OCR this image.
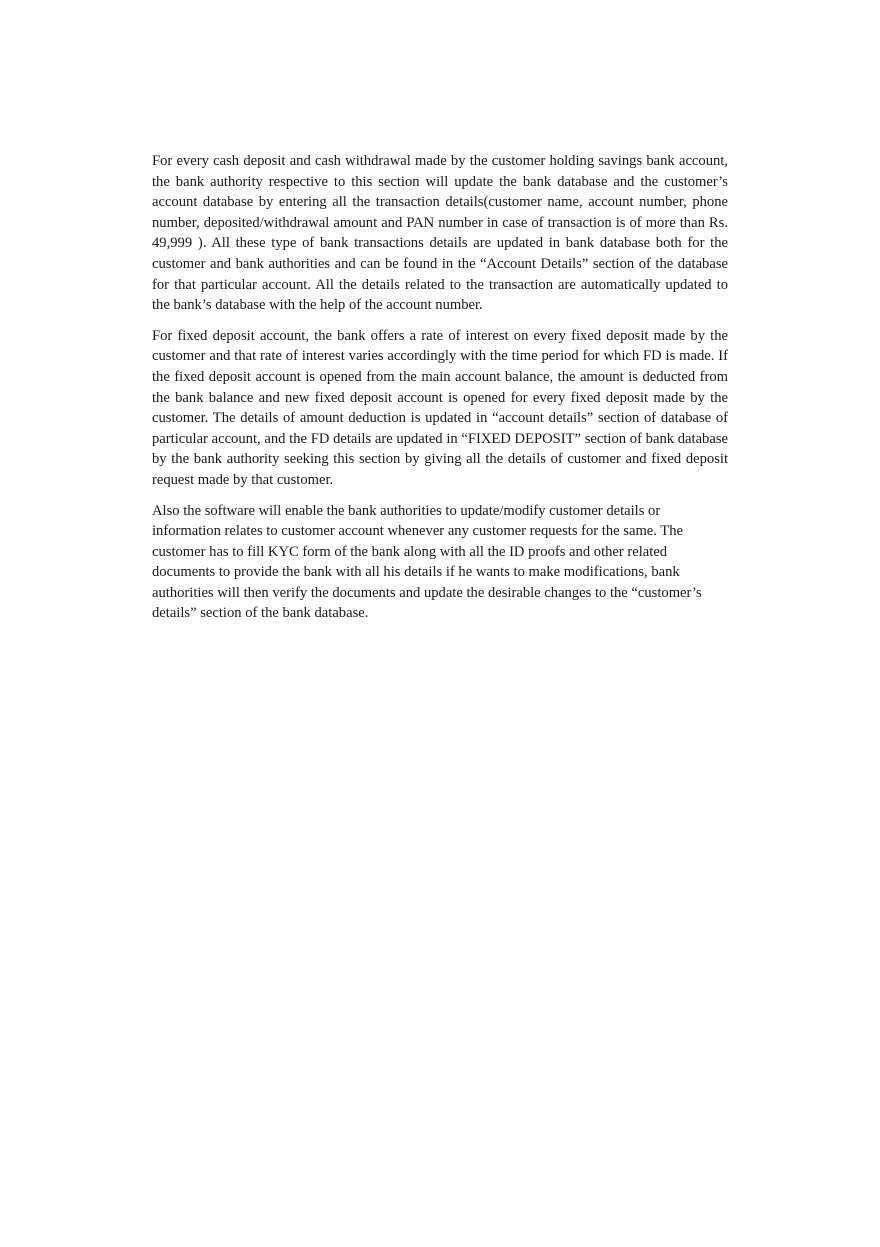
For every cash deposit and cash withdrawal made by the customer holding savings bank account, the bank authority respective to this section will update the bank database and the customer’s account database by entering all the transaction details(customer name, account number, phone number, deposited/withdrawal amount and PAN number in case of transaction is of more than Rs. 49,999 ). All these type of bank transactions details are updated in bank database both for the customer and bank authorities and can be found in the “Account Details” section of the database for that particular account. All the details related to the transaction are automatically updated to the bank’s database with the help of the account number.

For fixed deposit account, the bank offers a rate of interest on every fixed deposit made by the customer and that rate of interest varies accordingly with the time period for which FD is made. If the fixed deposit account is opened from the main account balance, the amount is deducted from the bank balance and new fixed deposit account is opened for every fixed deposit made by the customer. The details of amount deduction is updated in “account details” section of database of particular account, and the FD details are updated in “FIXED DEPOSIT” section of bank database by the bank authority seeking this section by giving all the details of customer and fixed deposit request made by that customer.

Also the software will enable the bank authorities to update/modify customer details or information relates to customer account whenever any customer requests for the same. The customer has to fill KYC form of the bank along with all the ID proofs and other related documents to provide the bank with all his details if he wants to make modifications, bank authorities will then verify the documents and update the desirable changes to the “customer’s details” section of the bank database.
